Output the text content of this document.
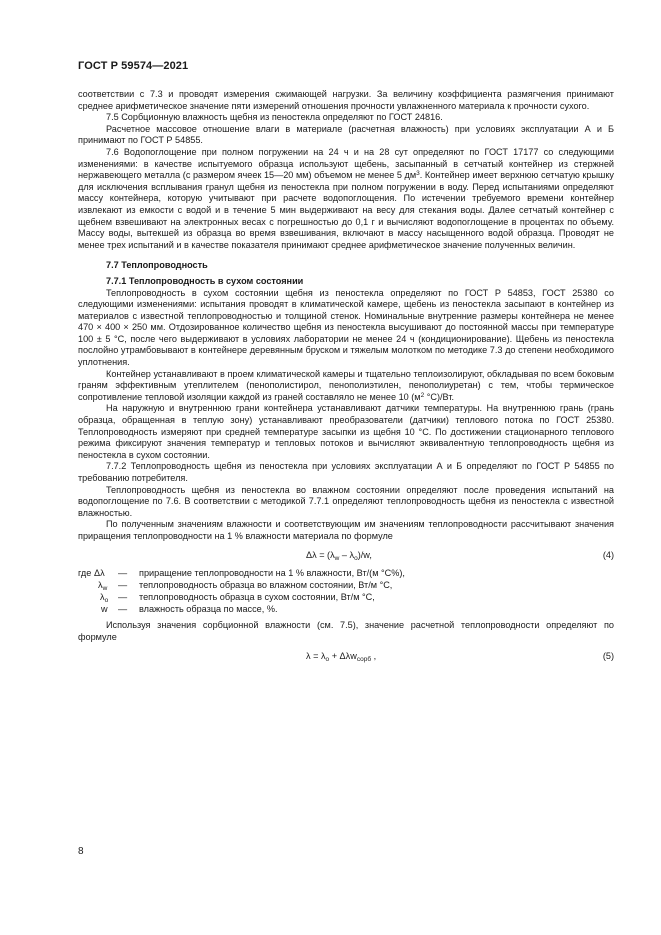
ГОСТ Р 59574—2021

соответствии с 7.3 и проводят измерения сжимающей нагрузки. За величину коэффициента размягчения принимают среднее арифметическое значение пяти измерений отношения прочности увлажненного материала к прочности сухого.

7.5 Сорбционную влажность щебня из пеностекла определяют по ГОСТ 24816.

Расчетное массовое отношение влаги в материале (расчетная влажность) при условиях эксплуатации А и Б принимают по ГОСТ Р 54855.

7.6 Водопоглощение при полном погружении на 24 ч и на 28 сут определяют по ГОСТ 17177 со следующими изменениями: в качестве испытуемого образца используют щебень, засыпанный в сетчатый контейнер из стержней нержавеющего металла (с размером ячеек 15—20 мм) объемом не менее 5 $дм^3$. Контейнер имеет верхнюю сетчатую крышку для исключения всплывания гранул щебня из пеностекла при полном погружении в воду. Перед испытаниями определяют массу контейнера, которую учитывают при расчете водопоглощения. По истечении требуемого времени контейнер извлекают из емкости с водой и в течение 5 мин выдерживают на весу для стекания воды. Далее сетчатый контейнер с щебнем взвешивают на электронных весах с погрешностью до 0,1 г и вычисляют водопоглощение в процентах по объему. Массу воды, вытекшей из образца во время взвешивания, включают в массу насыщенного водой образца. Проводят не менее трех испытаний и в качестве показателя принимают среднее арифметическое значение полученных величин.

7.7 Теплопроводность

7.7.1 Теплопроводность в сухом состоянии

Теплопроводность в сухом состоянии щебня из пеностекла определяют по ГОСТ Р 54853, ГОСТ 25380 со следующими изменениями: испытания проводят в климатической камере, щебень из пеностекла засыпают в контейнер из материалов с известной теплопроводностью и толщиной стенок. Номинальные внутренние размеры контейнера не менее 470 × 400 × 250 мм. Отдозированное количество щебня из пеностекла высушивают до постоянной массы при температуре 100 ± 5 °С, после чего выдерживают в условиях лаборатории не менее 24 ч (кондиционирование). Щебень из пеностекла послойно утрамбовывают в контейнере деревянным бруском и тяжелым молотком по методике 7.3 до степени необходимого уплотнения.

Контейнер устанавливают в проем климатической камеры и тщательно теплоизолируют, обкладывая по всем боковым граням эффективным утеплителем (пенополистирол, пенополиэтилен, пенополиуретан) с тем, чтобы термическое сопротивление тепловой изоляции каждой из граней составляло не менее 10 ($м^2$ °С)/Вт.

На наружную и внутреннюю грани контейнера устанавливают датчики температуры. На внутреннюю грань (грань образца, обращенная в теплую зону) устанавливают преобразователи (датчики) теплового потока по ГОСТ 25380. Теплопроводность измеряют при средней температуре засыпки из щебня 10 °С. По достижении стационарного теплового режима фиксируют значения температур и тепловых потоков и вычисляют эквивалентную теплопроводность щебня из пеностекла в сухом состоянии.

7.7.2 Теплопроводность щебня из пеностекла при условиях эксплуатации А и Б определяют по ГОСТ Р 54855 по требованию потребителя.

Теплопроводность щебня из пеностекла во влажном состоянии определяют после проведения испытаний на водопоглощение по 7.6. В соответствии с методикой 7.7.1 определяют теплопроводность щебня из пеностекла с известной влажностью.

По полученным значениям влажности и соответствующим им значениям теплопроводности рассчитывают значения приращения теплопроводности на 1 % влажности материала по формуле

$\Delta\lambda = (\lambda_w - \lambda_o)/w$,	(4)
где Δλ — приращение теплопроводности на 1 % влажности, Вт/(м °С%),
$\lambda_w$ — теплопроводность образца во влажном состоянии, Вт/м °С,
$\lambda_o$ — теплопроводность образца в сухом состоянии, Вт/м °С,
w — влажность образца по массе, %.

Используя значения сорбционной влажности (см. 7.5), значение расчетной теплопроводности определяют по формуле

$\lambda = \lambda_o + \Delta\lambda w_{сорб}$ ,	(5)
8
